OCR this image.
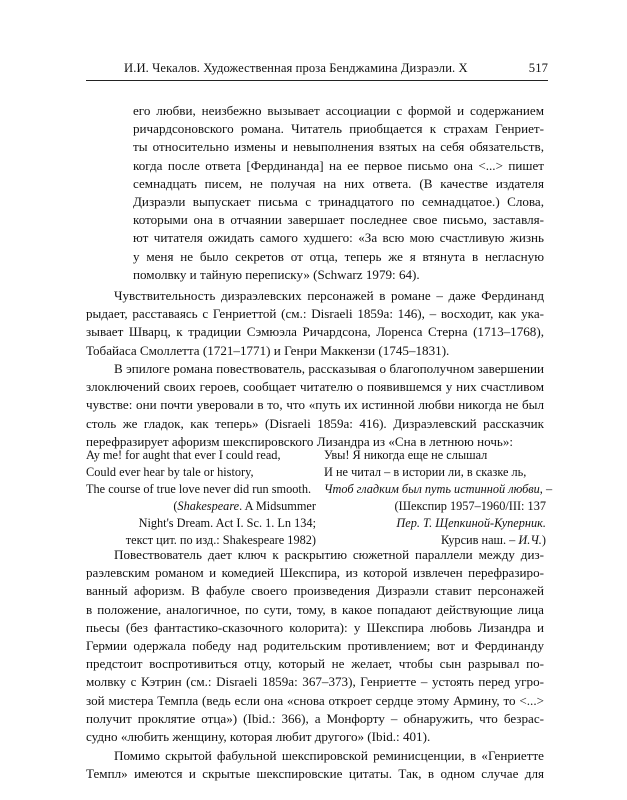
И.И. Чекалов. Художественная проза Бенджамина Дизраэли. X	517
его любви, неизбежно вызывает ассоциации с формой и содержанием
ричардсоновского романа. Читатель приобщается к страхам Генриет-
ты относительно измены и невыполнения взятых на себя обязательств,
когда после ответа [Фердинанда] на ее первое письмо она <...> пишет
семнадцать писем, не получая на них ответа. (В качестве издателя
Дизраэли выпускает письма с тринадцатого по семнадцатое.) Слова,
которыми она в отчаянии завершает последнее свое письмо, заставля-
ют читателя ожидать самого худшего: «За всю мою счастливую жизнь
у меня не было секретов от отца, теперь же я втянута в негласную
помолвку и тайную переписку» (Schwarz 1979: 64).
Чувствительность дизраэлевских персонажей в романе – даже Фердинанд
рыдает, расставаясь с Генриеттой (см.: Disraeli 1859a: 146), – восходит, как ука-
зывает Шварц, к традиции Сэмюэла Ричардсона, Лоренса Стерна (1713–1768),
Тобайаса Смоллетта (1721–1771) и Генри Маккензи (1745–1831).
В эпилоге романа повествователь, рассказывая о благополучном завершении
злоключений своих героев, сообщает читателю о появившемся у них счастливом
чувстве: они почти уверовали в то, что «путь их истинной любви никогда не был
столь же гладок, как теперь» (Disraeli 1859a: 416). Дизраэлевский рассказчик
перефразирует афоризм шекспировского Лизандра из «Сна в летнюю ночь»:
Ay me! for aught that ever I could read,
Could ever hear by tale or history,
The course of true love never did run smooth.
(Shakespeare. A Midsummer
Night's Dream. Act I. Sc. 1. Ln 134;
текст цит. по изд.: Shakespeare 1982)
Увы! Я никогда еще не слышал
И не читал – в истории ли, в сказке ль,
Чтоб гладким был путь истинной любви, –
(Шекспир 1957–1960/III: 137
Пер. Т. Щепкиной-Куперник.
Курсив наш. – И.Ч.)
Повествователь дает ключ к раскрытию сюжетной параллели между диз-
раэлевским романом и комедией Шекспира, из которой извлечен перефразиро-
ванный афоризм. В фабуле своего произведения Дизраэли ставит персонажей
в положение, аналогичное, по сути, тому, в какое попадают действующие лица
пьесы (без фантастико-сказочного колорита): у Шекспира любовь Лизандра и
Гермии одержала победу над родительским противлением; вот и Фердинанду
предстоит воспротивиться отцу, который не желает, чтобы сын разрывал по-
молвку с Кэтрин (см.: Disraeli 1859a: 367–373), Генриетте – устоять перед угро-
зой мистера Темпла (ведь если она «снова откроет сердце этому Армину, то <...>
получит проклятие отца») (Ibid.: 366), а Монфорту – обнаружить, что безрас-
судно «любить женщину, которая любит другого» (Ibid.: 401).
Помимо скрытой фабульной шекспировской реминисценции, в «Генриетте
Темпл» имеются и скрытые шекспировские цитаты. Так, в одном случае для
